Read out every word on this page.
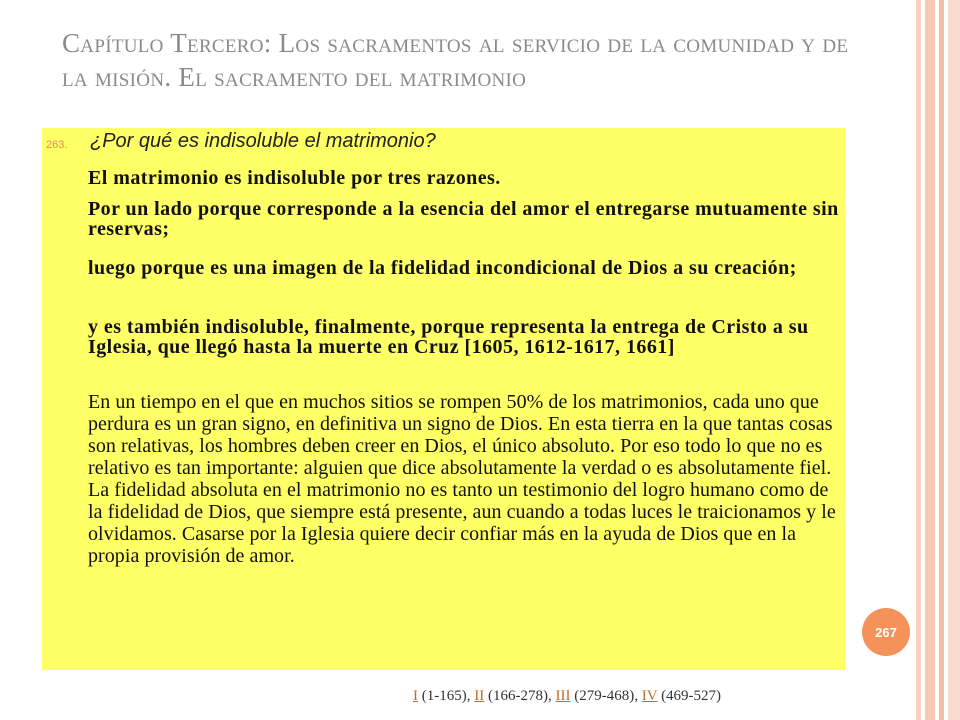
Capítulo Tercero: Los sacramentos al servicio de la comunidad y de la misión. El sacramento del matrimonio
263. ¿Por qué es indisoluble el matrimonio?

El matrimonio es indisoluble por tres razones.

Por un lado porque corresponde a la esencia del amor el entregarse mutuamente sin reservas;

luego porque es una imagen de la fidelidad incondicional de Dios a su creación;

y es también indisoluble, finalmente, porque representa la entrega de Cristo a su Iglesia, que llegó hasta la muerte en Cruz [1605, 1612-1617, 1661]

En un tiempo en el que en muchos sitios se rompen 50% de los matrimonios, cada uno que perdura es un gran signo, en definitiva un signo de Dios. En esta tierra en la que tantas cosas son relativas, los hombres deben creer en Dios, el único absoluto. Por eso todo lo que no es relativo es tan importante: alguien que dice absolutamente la verdad o es absolutamente fiel. La fidelidad absoluta en el matrimonio no es tanto un testimonio del logro humano como de la fidelidad de Dios, que siempre está presente, aun cuando a todas luces le traicionamos y le olvidamos. Casarse por la Iglesia quiere decir confiar más en la ayuda de Dios que en la propia provisión de amor.

267
I (1-165), II (166-278), III (279-468), IV (469-527)
